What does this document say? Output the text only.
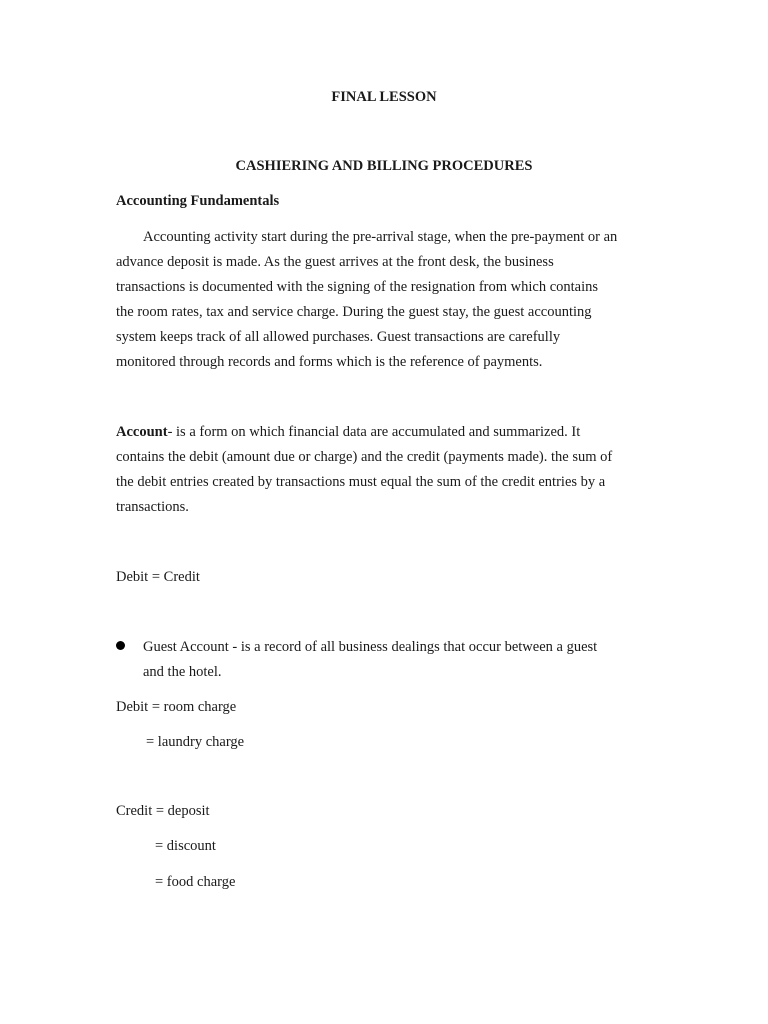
FINAL LESSON
CASHIERING AND BILLING PROCEDURES
Accounting Fundamentals
Accounting activity start during the pre-arrival stage, when the pre-payment or an
advance deposit is made. As the guest arrives at the front desk, the business
transactions is documented with the signing of the resignation from which contains
the room rates, tax and service charge. During the guest stay, the guest accounting
system keeps track of all allowed purchases. Guest transactions are carefully
monitored through records and forms which is the reference of payments.
Account- is a form on which financial data are accumulated and summarized. It
contains the debit (amount due or charge) and the credit (payments made). the sum of
the debit entries created by transactions must equal the sum of the credit entries by a
transactions.
Debit = Credit
Guest Account - is a record of all business dealings that occur between a guest
and the hotel.
Debit = room charge
= laundry charge
Credit = deposit
= discount
= food charge
